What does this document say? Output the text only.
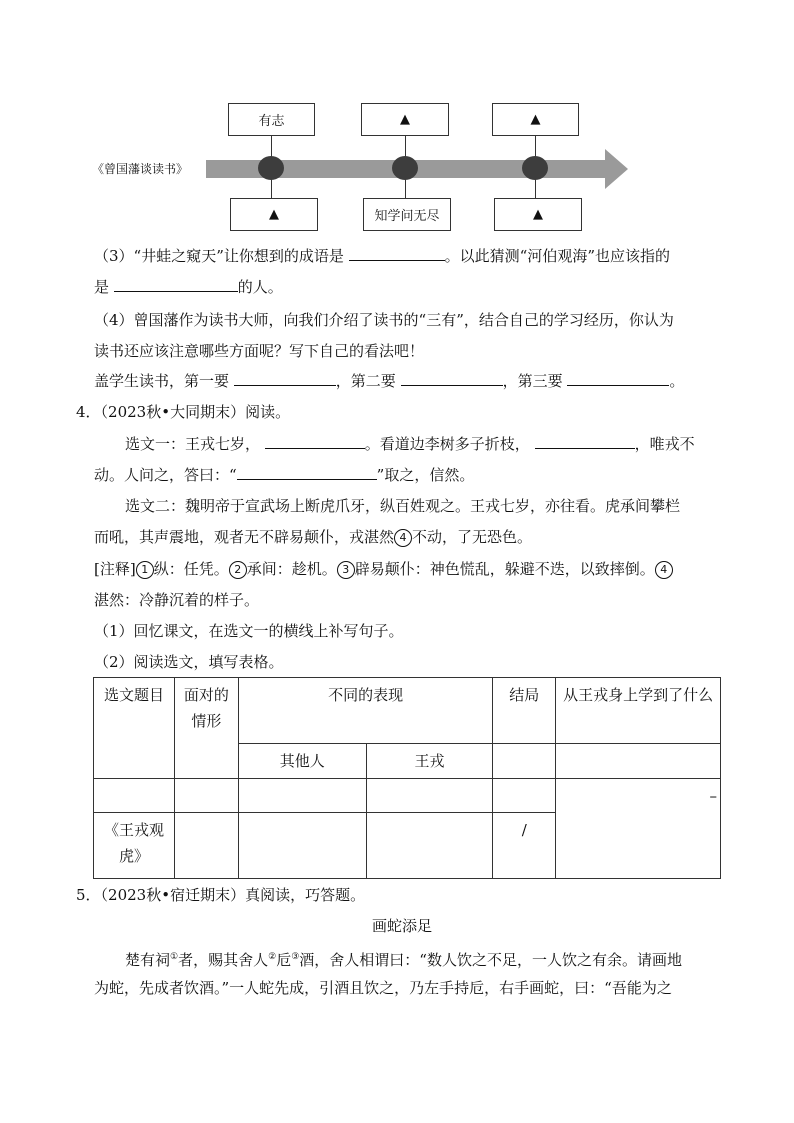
《曾国藩谈读书》
有志	▲	▲
▲	知学问无尽	▲
（3）“井蛙之窥天”让你想到的成语是	。以此猜测“河伯观海”也应该指的
是	的人。
（4）曾国藩作为读书大师，向我们介绍了读书的“三有”，结合自己的学习经历，你认为
读书还应该注意哪些方面呢？写下自己的看法吧！
盖学生读书，第一要	，第二要	，第三要	。
4．（2023秋•大同期末）阅读。
选文一：王戎七岁，	。看道边李树多子折枝，	，唯戎不
动。人问之，答曰：“	”取之，信然。
选文二：魏明帝于宣武场上断虎爪牙，纵百姓观之。王戎七岁，亦往看。虎承间攀栏
而吼，其声震地，观者无不辟易颠仆，戎湛然 4 不动，了无恐色。
[注释] 1 纵：任凭。 2 承间：趁机。 3 辟易颠仆：神色慌乱，躲避不迭，以致摔倒。 4
湛然：冷静沉着的样子。
（1）回忆课文，在选文一的横线上补写句子。
（2）阅读选文，填写表格。
选文题目	面对的情形	不同的表现		结局	从王戎身上学到了什么
		其他人	王戎		
					–
《王戎观虎》				/	
5．（2023秋•宿迁期末）真阅读，巧答题。
画蛇添足
楚有祠①者，赐其舍人②卮③酒，舍人相谓曰：“数人饮之不足，一人饮之有余。请画地
为蛇，先成者饮酒。”一人蛇先成，引酒且饮之，乃左手持卮，右手画蛇，曰：“吾能为之
